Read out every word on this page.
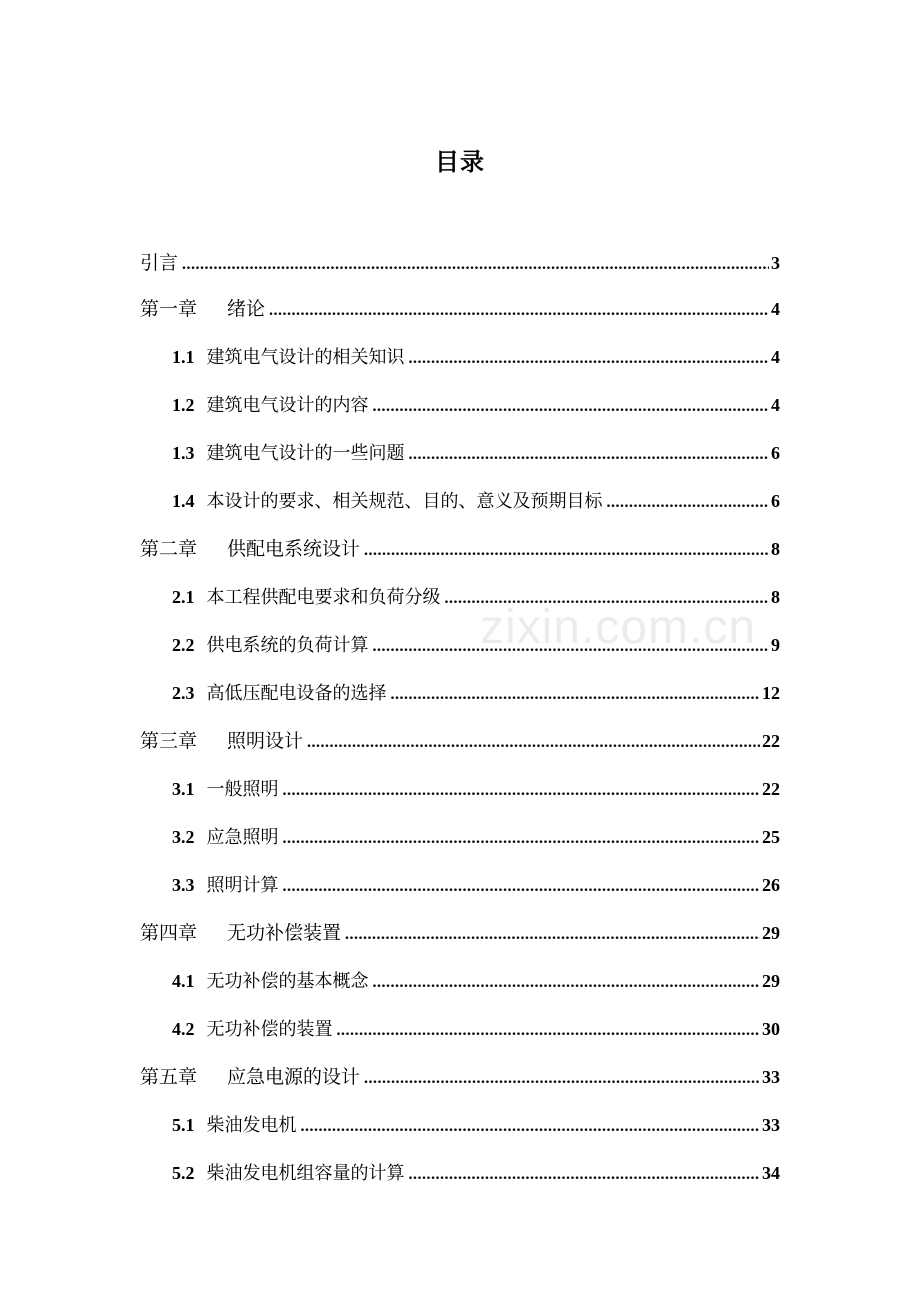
目录
引言 .....	3
第一章 绪论 .....	4
1.1 建筑电气设计的相关知识 .....	4
1.2 建筑电气设计的内容 .....	4
1.3 建筑电气设计的一些问题 .....	6
1.4 本设计的要求、相关规范、目的、意义及预期目标 .....	6
第二章 供配电系统设计 .....	8
2.1 本工程供配电要求和负荷分级 .....	8
2.2 供电系统的负荷计算 .....	9
2.3 高低压配电设备的选择 .....	12
第三章 照明设计 .....	22
3.1 一般照明 .....	22
3.2 应急照明 .....	25
3.3 照明计算 .....	26
第四章 无功补偿装置 .....	29
4.1 无功补偿的基本概念 .....	29
4.2 无功补偿的装置 .....	30
第五章 应急电源的设计 .....	33
5.1 柴油发电机 .....	33
5.2 柴油发电机组容量的计算 .....	34
zixin.com.cn
